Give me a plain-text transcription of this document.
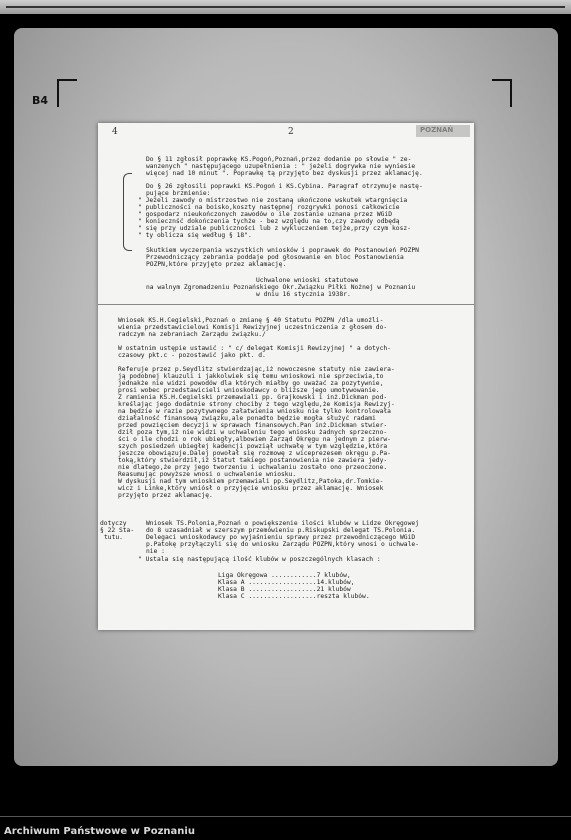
B4
4	2	POZNAŃ
Do § 11 zgłosił poprawkę KS.Pogoń,Poznań,przez dodanie po słowie " ze-
wanzenych " następującego uzupełnienia : " jeżeli dogrywka nie wyniesie
więcej nad 10 minut ". Poprawkę tą przyjęto bez dyskusji przez aklamację.
Do § 26 zgłosili poprawki KS.Pogoń i KS.Cybina. Paragraf otrzymuje nastę-
pujące brzmienie:
" Jeżeli zawody o mistrzostwo nie zostaną ukończone wskutek wtargnięcia
" publiczności na boisko,koszty następnej rozgrywki ponosi całkowicie
" gospodarz nieukończonych zawodów o ile zostanie uznana przez WGiD
" koniecznść dokończenia tychże - bez względu na to,czy zawody odbędą
" się przy udziale publiczności lub z wykluczeniem tejże,przy czym kosz-
" ty oblicza się według § 18".
Skutkiem wyczerpania wszystkich wniosków i poprawek do Postanowień POZPN
Przewodniczący zebrania poddaje pod głosowanie en bloc Postanowienia
POZPN,które przyjęto przez aklamację.
Uchwalone wnioski statutowe
na walnym Zgromadzeniu Poznańskiego Okr.Związku Piłki Nożnej w Poznaniu
w dniu 16 stycznia 1938r.
Wniosek KS.H.Cegielski,Poznań o zmianę § 40 Statutu POZPN /dla umożli-
wienia przedstawicielowi Komisji Rewizyjnej uczestniczenia z głosem do-
radczym na zebraniach Zarządu związku./
W ostatnim ustępie ustawić : " c/ delegat Komisji Rewizyjnej " a dotych-
czasowy pkt.c - pozostawić jako pkt. d.
Referuje przez p.Seydlitz stwierdzając,iż nowoczesne statuty nie zawiera-
ją podobnej klauzuli i jakkolwiek się temu wnioskowi nie sprzeciwia,to
jednakże nie widzi powodów dla których miałby go uważać za pozytywnie,
prosi wobec przedstawicieli wnioskodawcy o bliższe jego umotywowanie.
Z ramienia KS.H.Cegielski przemawiali pp. Grajkowski i inż.Dickman pod-
kreślając jego dodatnie strony chociby z tego względu,że Komisja Rewizyj-
na będzie w razie pozytywnego załatwienia wniosku nie tylko kontrolowała
działalność finansową związku,ale ponadto będzie mogła służyć radami
przed powzięciem decyzji w sprawach finansowych.Pan inż.Dickman stwier-
dził poza tym,iż nie widzi w uchwaleniu tego wniosku żadnych sprzeczno-
ści o ile chodzi o rok ubiegły,albowiem Zarząd Okręgu na jednym z pierw-
szych posiedzeń ubiegłej kadencji powziął uchwałę w tym względzie,która
jeszcze obowiązuje.Dalej powołał się rozmowę z wiceprezesem okręgu p.Pa-
toką,który stwierdził,iż Statut takiego postanowienia nie zawiera jedy-
nie dlatego,że przy jego tworzeniu i uchwalaniu zostało ono przeoczone.
Reasumując powyższe wnosi o uchwalenie wniosku.
W dyskusji nad tym wnioskiem przemawiali pp.Seydlitz,Patoka,dr.Tomkie-
wicz i Linke,który wniósł o przyjęcie wniosku przez aklamację. Wniosek
przyjęto przez aklamację.
dotyczy
§ 22 Sta-
tutu.
Wniosek TS.Polonia,Poznań o powiększenie ilości klubów w Lidze Okręgowej
do 8 uzasadniał w szerszym przemówieniu p.Riskupski delegat TS.Polonia.
Delegaci wnioskodawcy po wyjaśnieniu sprawy przez przewodniczącego WGiD
p.Patokę przyłączyli się do wniosku Zarządu POZPN,który wnosi o uchwale-
nie :
" Ustala się następującą ilość klubów w poszczególnych klasach :
Liga Okręgowa ............7 klubów,
Klasa A ..................14.klubów,
Klasa B ..................21 klubów
Klasa C ..................reszta klubów.
Archiwum Państwowe w Poznaniu
